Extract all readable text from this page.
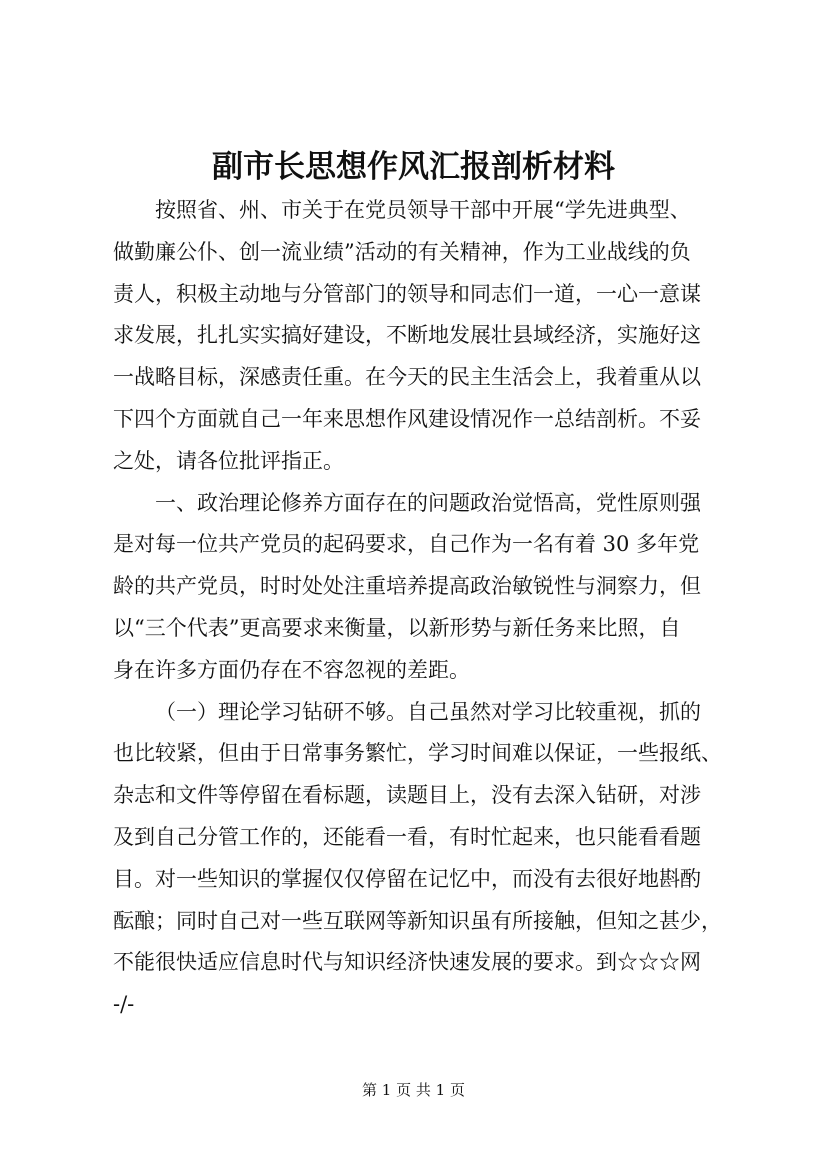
副市长思想作风汇报剖析材料
按照省、州、市关于在党员领导干部中开展“学先进典型、
做勤廉公仆、创一流业绩”活动的有关精神，作为工业战线的负
责人，积极主动地与分管部门的领导和同志们一道，一心一意谋
求发展，扎扎实实搞好建设，不断地发展壮县域经济，实施好这
一战略目标，深感责任重。在今天的民主生活会上，我着重从以
下四个方面就自己一年来思想作风建设情况作一总结剖析。不妥
之处，请各位批评指正。
一、政治理论修养方面存在的问题政治觉悟高，党性原则强
是对每一位共产党员的起码要求，自己作为一名有着 30 多年党
龄的共产党员，时时处处注重培养提高政治敏锐性与洞察力，但
以“三个代表”更高要求来衡量，以新形势与新任务来比照，自
身在许多方面仍存在不容忽视的差距。
（一）理论学习钻研不够。自己虽然对学习比较重视，抓的
也比较紧，但由于日常事务繁忙，学习时间难以保证，一些报纸、
杂志和文件等停留在看标题，读题目上，没有去深入钻研，对涉
及到自己分管工作的，还能看一看，有时忙起来，也只能看看题
目。对一些知识的掌握仅仅停留在记忆中，而没有去很好地斟酌
酝酿；同时自己对一些互联网等新知识虽有所接触，但知之甚少，
不能很快适应信息时代与知识经济快速发展的要求。到☆☆☆网
-/-
第 1 页 共 1 页
